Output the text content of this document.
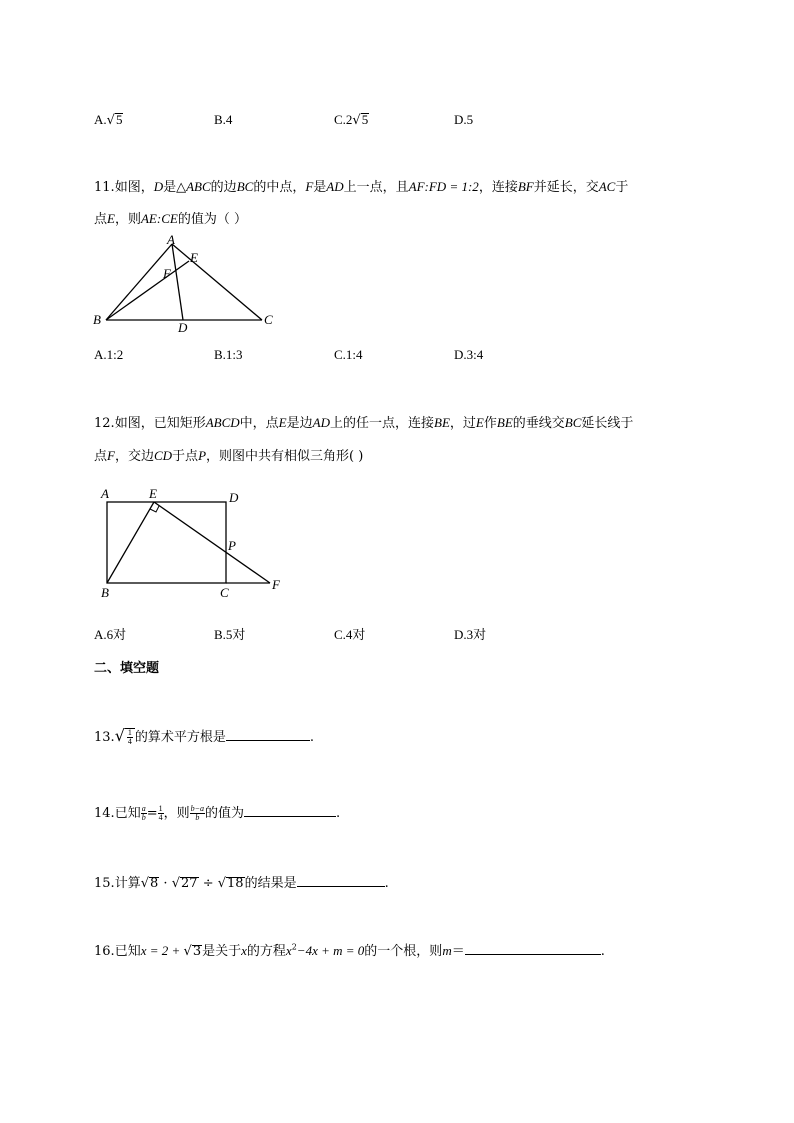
A.√5	B.4	C.2√5	D.5
11.如图，D是△ABC的边BC的中点，F是AD上一点，且AF:FD = 1:2，连接BF并延长，交AC于
点E，则AE:CE的值为（ ）
A
E
F
B
D
C
A.1:2	B.1:3	C.1:4	D.3:4
12.如图，已知矩形ABCD中，点E是边AD上的任一点，连接BE，过E作BE的垂线交BC延长线于
点F，交边CD于点P，则图中共有相似三角形( )
A	E	D
P
B	C
F
A.6对	B.5对	C.4对	D.3对
二、填空题
$13.√ \frac{1}{4}$ 的算术平方根是	.
14.已知 $\frac{a}{b} = \frac{1}{4}$ ，则 $\frac{b-a}{b}$ 的值为	.
15.计算√8 · √27 ÷ √18的结果是	.
16.已知x = 2 + √3是关于x的方程$x^2-4x + m = 0$的一个根，则m＝	.
